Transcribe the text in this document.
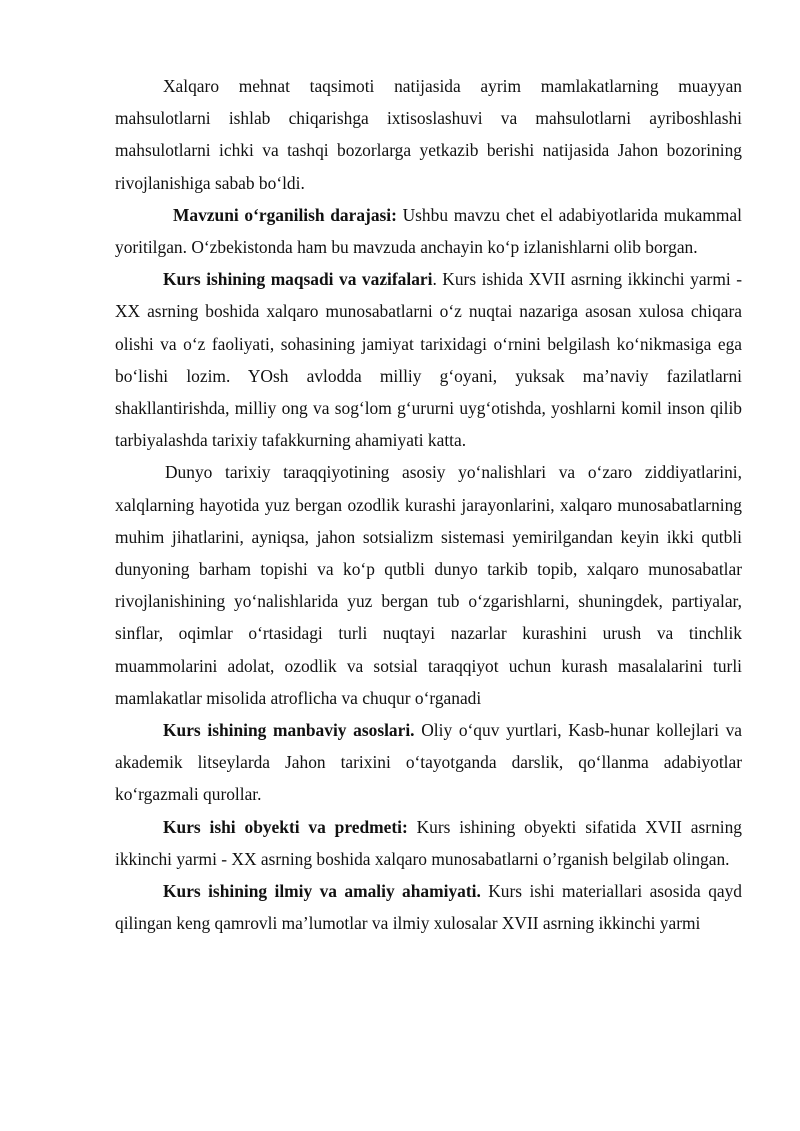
Xalqaro mehnat taqsimoti natijasida ayrim mamlakatlarning muayyan mahsulotlarni ishlab chiqarishga ixtisoslashuvi va mahsulotlarni ayriboshlashi mahsulotlarni ichki va tashqi bozorlarga yetkazib berishi natijasida Jahon bozorining rivojlanishiga sabab bo‘ldi.

Mavzuni o‘rganilish darajasi: Ushbu mavzu chet el adabiyotlarida mukammal yoritilgan. O‘zbekistonda ham bu mavzuda anchayin ko‘p izlanishlarni olib borgan.

Kurs ishining maqsadi va vazifalari. Kurs ishida XVII asrning ikkinchi yarmi - XX asrning boshida xalqaro munosabatlarni o‘z nuqtai nazariga asosan xulosa chiqara olishi va o‘z faoliyati, sohasining jamiyat tarixidagi o‘rnini belgilash ko‘nikmasiga ega bo‘lishi lozim. YOsh avlodda milliy g‘oyani, yuksak ma’naviy fazilatlarni shakllantirishda, milliy ong va sog‘lom g‘ururni uyg‘otishda, yoshlarni komil inson qilib tarbiyalashda tarixiy tafakkurning ahamiyati katta.

Dunyo tarixiy taraqqiyotining asosiy yo‘nalishlari va o‘zaro ziddiyatlarini, xalqlarning hayotida yuz bergan ozodlik kurashi jarayonlarini, xalqaro munosabatlarning muhim jihatlarini, ayniqsa, jahon sotsializm sistemasi yemirilgandan keyin ikki qutbli dunyoning barham topishi va ko‘p qutbli dunyo tarkib topib, xalqaro munosabatlar rivojlanishining yo‘nalishlarida yuz bergan tub o‘zgarishlarni, shuningdek, partiyalar, sinflar, oqimlar o‘rtasidagi turli nuqtayi nazarlar kurashini urush va tinchlik muammolarini adolat, ozodlik va sotsial taraqqiyot uchun kurash masalalarini turli mamlakatlar misolida atroflicha va chuqur o‘rganadi

Kurs ishining manbaviy asoslari. Oliy o‘quv yurtlari, Kasb-hunar kollejlari va akademik litseylarda Jahon tarixini o‘tayotganda darslik, qo‘llanma adabiyotlar ko‘rgazmali qurollar.

Kurs ishi obyekti va predmeti: Kurs ishining obyekti sifatida XVII asrning ikkinchi yarmi - XX asrning boshida xalqaro munosabatlarni o’rganish belgilab olingan.

Kurs ishining ilmiy va amaliy ahamiyati. Kurs ishi materiallari asosida qayd qilingan keng qamrovli ma’lumotlar va ilmiy xulosalar XVII asrning ikkinchi yarmi
